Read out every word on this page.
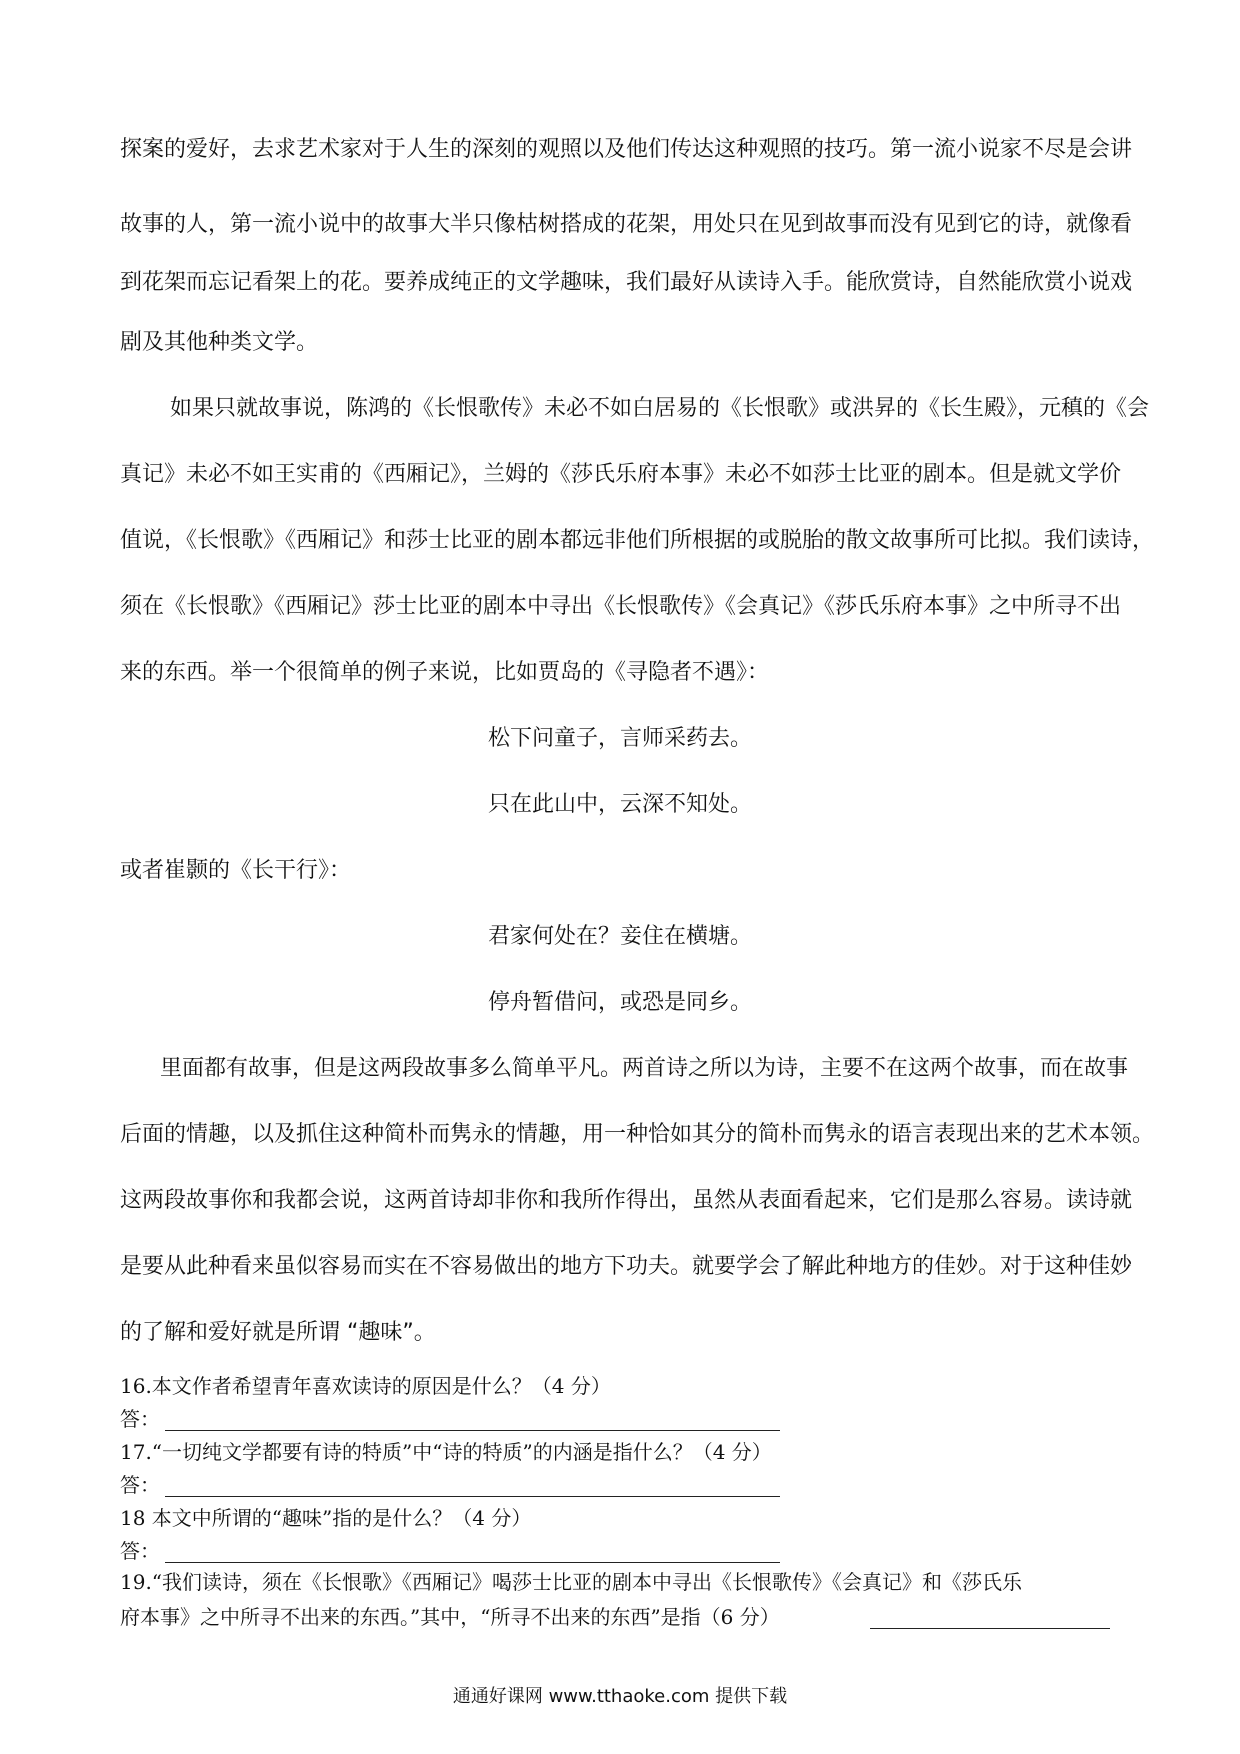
探案的爱好，去求艺术家对于人生的深刻的观照以及他们传达这种观照的技巧。第一流小说家不尽是会讲
故事的人，第一流小说中的故事大半只像枯树搭成的花架，用处只在见到故事而没有见到它的诗，就像看
到花架而忘记看架上的花。要养成纯正的文学趣味，我们最好从读诗入手。能欣赏诗，自然能欣赏小说戏
剧及其他种类文学。
如果只就故事说，陈鸿的《长恨歌传》未必不如白居易的《长恨歌》或洪昇的《长生殿》，元稹的《会
真记》未必不如王实甫的《西厢记》，兰姆的《莎氏乐府本事》未必不如莎士比亚的剧本。但是就文学价
值说，《长恨歌》《西厢记》和莎士比亚的剧本都远非他们所根据的或脱胎的散文故事所可比拟。我们读诗，
须在《长恨歌》《西厢记》莎士比亚的剧本中寻出《长恨歌传》《会真记》《莎氏乐府本事》之中所寻不出
来的东西。举一个很简单的例子来说，比如贾岛的《寻隐者不遇》：
松下问童子，言师采药去。
只在此山中，云深不知处。
或者崔颢的《长干行》：
君家何处在？妾住在横塘。
停舟暂借问，或恐是同乡。
里面都有故事，但是这两段故事多么简单平凡。两首诗之所以为诗，主要不在这两个故事，而在故事
后面的情趣，以及抓住这种简朴而隽永的情趣，用一种恰如其分的简朴而隽永的语言表现出来的艺术本领。
这两段故事你和我都会说，这两首诗却非你和我所作得出，虽然从表面看起来，它们是那么容易。读诗就
是要从此种看来虽似容易而实在不容易做出的地方下功夫。就要学会了解此种地方的佳妙。对于这种佳妙
的了解和爱好就是所谓 “趣味”。
16.本文作者希望青年喜欢读诗的原因是什么？（4 分）
答：
17.“一切纯文学都要有诗的特质”中“诗的特质”的内涵是指什么？（4 分）
答：
18 本文中所谓的“趣味”指的是什么？（4 分）
答：
19.“我们读诗，须在《长恨歌》《西厢记》喝莎士比亚的剧本中寻出《长恨歌传》《会真记》和《莎氏乐
府本事》之中所寻不出来的东西。”其中，“所寻不出来的东西”是指（6 分）
通通好课网 www.tthaoke.com 提供下载
